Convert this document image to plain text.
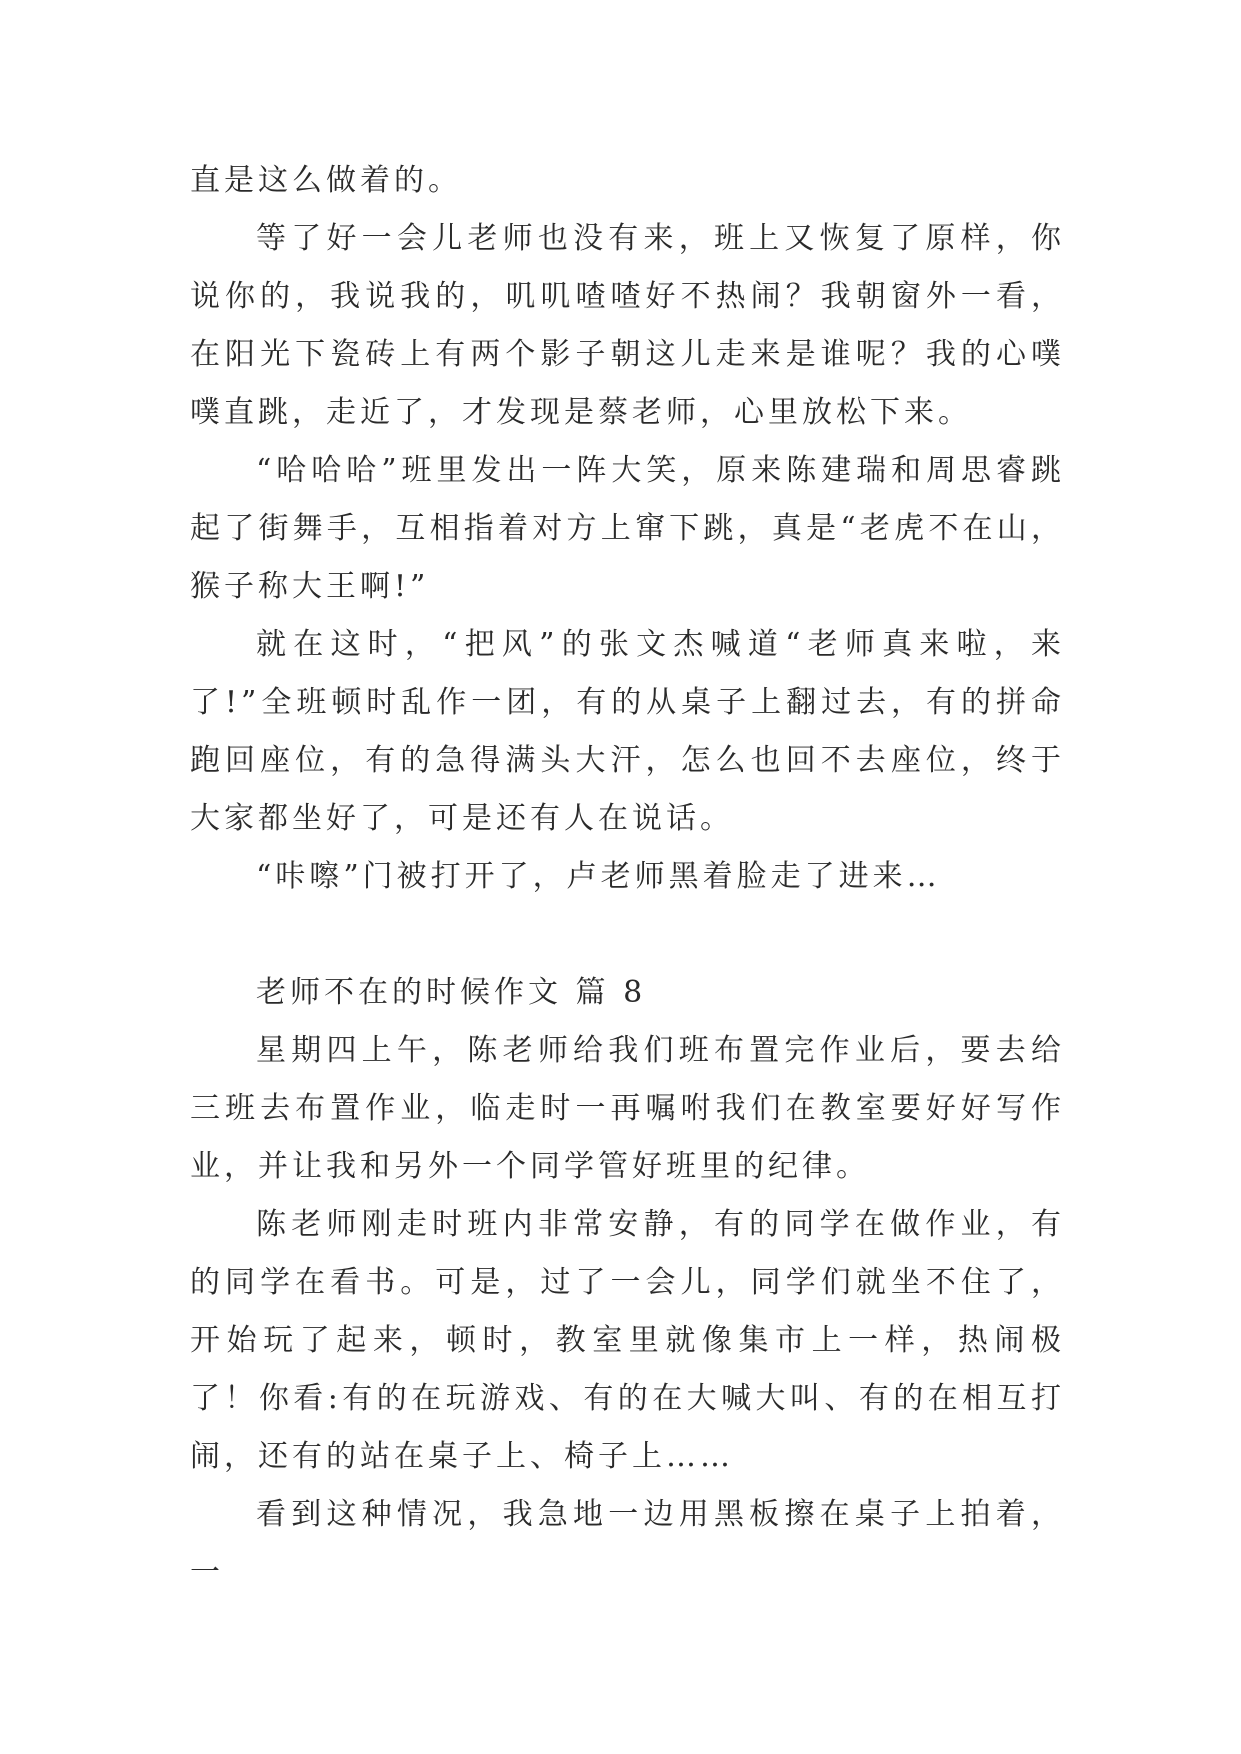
直是这么做着的。

等了好一会儿老师也没有来，班上又恢复了原样，你说你的，我说我的，叽叽喳喳好不热闹？我朝窗外一看，在阳光下瓷砖上有两个影子朝这儿走来是谁呢？我的心噗噗直跳，走近了，才发现是蔡老师，心里放松下来。

“哈哈哈”班里发出一阵大笑，原来陈建瑞和周思睿跳起了街舞手，互相指着对方上窜下跳，真是“老虎不在山，猴子称大王啊!”

就在这时，“把风”的张文杰喊道“老师真来啦，来了!”全班顿时乱作一团，有的从桌子上翻过去，有的拼命跑回座位，有的急得满头大汗，怎么也回不去座位，终于大家都坐好了，可是还有人在说话。

“咔嚓”门被打开了，卢老师黑着脸走了进来…

老师不在的时候作文 篇 8

星期四上午，陈老师给我们班布置完作业后，要去给三班去布置作业，临走时一再嘱咐我们在教室要好好写作业，并让我和另外一个同学管好班里的纪律。

陈老师刚走时班内非常安静，有的同学在做作业，有的同学在看书。可是，过了一会儿，同学们就坐不住了，开始玩了起来，顿时，教室里就像集市上一样，热闹极了！你看:有的在玩游戏、有的在大喊大叫、有的在相互打闹，还有的站在桌子上、椅子上……

看到这种情况，我急地一边用黑板擦在桌子上拍着，一
